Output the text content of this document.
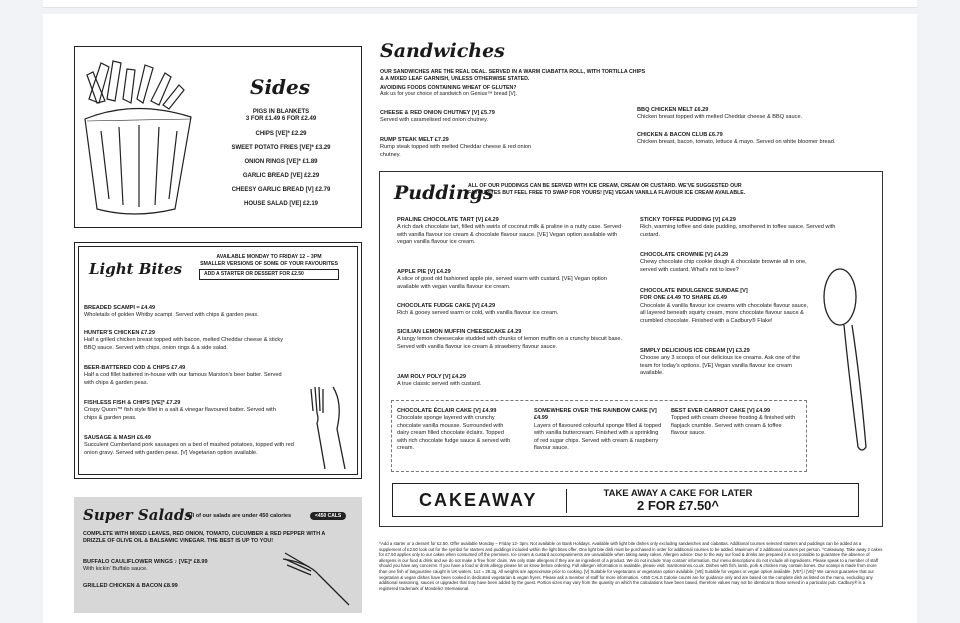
Sides
PIGS IN BLANKETS
3 FOR £1.49 6 FOR £2.49
CHIPS [VE]* £2.29
SWEET POTATO FRIES [VE]* £3.29
ONION RINGS [VE]* £1.89
GARLIC BREAD [VE] £2.29
CHEESY GARLIC BREAD [V] £2.79
HOUSE SALAD [VE] £2.19
Light Bites
AVAILABLE MONDAY TO FRIDAY 12 – 3PM
SMALLER VERSIONS OF SOME OF YOUR FAVOURITES
ADD A STARTER OR DESSERT FOR £2.50
BREADED SCAMPI ≈ £4.49
Wholetails of golden Whitby scampi. Served with chips & garden peas.
HUNTER'S CHICKEN £7.29
Half a grilled chicken breast topped with bacon, melted Cheddar cheese & sticky BBQ sauce. Served with chips, onion rings & a side salad.
BEER-BATTERED COD & CHIPS £7.49
Half a cod fillet battered in-house with our famous Marston's beer batter. Served with chips & garden peas.
FISHLESS FISH & CHIPS [VE]* £7.29
Crispy Quorn™ fish style fillet in a salt & vinegar flavoured batter. Served with chips & garden peas.
SAUSAGE & MASH £6.49
Succulent Cumberland pork sausages on a bed of mashed potatoes, topped with red onion gravy. Served with garden peas. [V] Vegetarian option available.
Super Salads
All of our salads are under 450 calories	<450 CALS
COMPLETE WITH MIXED LEAVES, RED ONION, TOMATO, CUCUMBER & RED PEPPER WITH A DRIZZLE OF OLIVE OIL & BALSAMIC VINEGAR. THE BEST IS UP TO YOU!
BUFFALO CAULIFLOWER WINGS ♪ [VE]* £8.99
With kickin' Buffalo sauce.
GRILLED CHICKEN & BACON £8.99
Sandwiches
OUR SANDWICHES ARE THE REAL DEAL. SERVED IN A WARM CIABATTA ROLL, WITH TORTILLA CHIPS & A MIXED LEAF GARNISH, UNLESS OTHERWISE STATED.
AVOIDING FOODS CONTAINING WHEAT OF GLUTEN?
Ask us for your choice of sandwich on Genius™ bread [V].
CHEESE & RED ONION CHUTNEY [V] £5.79
Served with caramelised red onion chutney.
RUMP STEAK MELT £7.29
Rump steak topped with melted Cheddar cheese & red onion chutney.
BBQ CHICKEN MELT £6.29
Chicken breast topped with melted Cheddar cheese & BBQ sauce.
CHICKEN & BACON CLUB £6.79
Chicken breast, bacon, tomato, lettuce & mayo. Served on white bloomer bread.
Puddings
ALL OF OUR PUDDINGS CAN BE SERVED WITH ICE CREAM, CREAM OR CUSTARD. WE'VE SUGGESTED OUR FAVOURITES BUT FEEL FREE TO SWAP FOR YOURS! [VE] VEGAN VANILLA FLAVOUR ICE CREAM AVAILABLE.
PRALINE CHOCOLATE TART [V] £4.29
A rich dark chocolate tart, filled with swirls of coconut milk & praline in a nutty case. Served with vanilla flavour ice cream & chocolate flavour sauce. [VE] Vegan option available with vegan vanilla flavour ice cream.
APPLE PIE [V] £4.29
A slice of good old fashioned apple pie, served warm with custard. [VE] Vegan option available with vegan vanilla flavour ice cream.
CHOCOLATE FUDGE CAKE [V] £4.29
Rich & gooey served warm or cold, with vanilla flavour ice cream.
SICILIAN LEMON MUFFIN CHEESECAKE £4.29
A tangy lemon cheesecake studded with chunks of lemon muffin on a crunchy biscuit base. Served with vanilla flavour ice cream & strawberry flavour sauce.
JAM ROLY POLY [V] £4.29
A true classic served with custard.
STICKY TOFFEE PUDDING [V] £4.29
Rich, warming toffee and date pudding, smothered in toffee sauce. Served with custard.
CHOCOLATE CROWNIE [V] £4.29
Chewy chocolate chip cookie dough & chocolate brownie all in one, served with custard. What's not to love?
CHOCOLATE INDULGENCE SUNDAE [V]
FOR ONE £4.49 TO SHARE £6.49
Chocolate & vanilla flavour ice creams with chocolate flavour sauce, all layered beneath squirty cream, more chocolate flavour sauce & crumbled chocolate. Finished with a Cadbury® Flake!
SIMPLY DELICIOUS ICE CREAM [V] £3.29
Choose any 3 scoops of our delicious ice creams. Ask one of the team for today's options. [VE] Vegan vanilla flavour ice cream available.
CHOCOLATE ÉCLAIR CAKE [V] £4.99
Chocolate sponge layered with crunchy chocolate vanilla mousse. Surrounded with dairy cream filled chocolate éclairs. Topped with rich chocolate fudge sauce & served with cream.
SOMEWHERE OVER THE RAINBOW CAKE [V] £4.99
Layers of flavoured colourful sponge filled & topped with vanilla buttercream. Finished with a sprinkling of red sugar chips. Served with cream & raspberry flavour sauce.
BEST EVER CARROT CAKE [V] £4.99
Topped with cream cheese frosting & finished with flapjack crumble. Served with cream & toffee flavour sauce.
CAKEAWAY	TAKE AWAY A CAKE FOR LATER
2 FOR £7.50^
^Add a starter or a dessert for £2.50. Offer available Monday – Friday 12- 3pm. Not available on Bank Holidays. Available with light bite dishes only excluding sandwiches and ciabattas. Additional courses selected starters and puddings can be added as a supplement of £2.50 look out for the symbol for starters and puddings included within the light bites offer. One light bite dish must be purchased in order for additional courses to be added. Maximum of 2 additional courses per person. ^Cakeaway. Take away 2 cakes for £7.50 applies only to our cakes when consumed off the premises. Ice cream & custard accompaniments are unavailable when taking away cakes. Allergen advice: Due to the way our food & drinks are prepared it is not possible to guarantee the absence of allergens in our food & drink and we do not make a 'free from' claim. We only state allergens if they are an ingredient of a product. We do not include 'may contain' information. Our menu descriptions do not include all ingredients. Please speak to a member of staff should you have any concerns. If you have a food or drink allergy please let us know before ordering. Full allergen information is available, please visit: marstonsinns.co.uk. Dishes with fish, lamb, pork & chicken may contain bones. Our scampi is made from more than one fish of langoustine caught in UK waters. 1oz = 28.3g. All weights are approximate prior to cooking. [V] Suitable for vegetarians or vegetarian option available. [VE] Suitable for vegans or vegan option available. [VE*] / [VE]* We cannot guarantee that our vegetarian & vegan dishes have been cooked in dedicated vegetarian & vegan fryers. Please ask a member of staff for more information. <450 CALS Calorie counts are for guidance only and are based on the complete dish as listed on the menu, excluding any additional seasoning, sauces or upgrades that may have been added by the guest. Portion sizes may vary from the quantity on which the calculations have been based, therefore values may not be identical to those served in a particular pub. Cadbury® is a registered trademark of Mondelez International.
